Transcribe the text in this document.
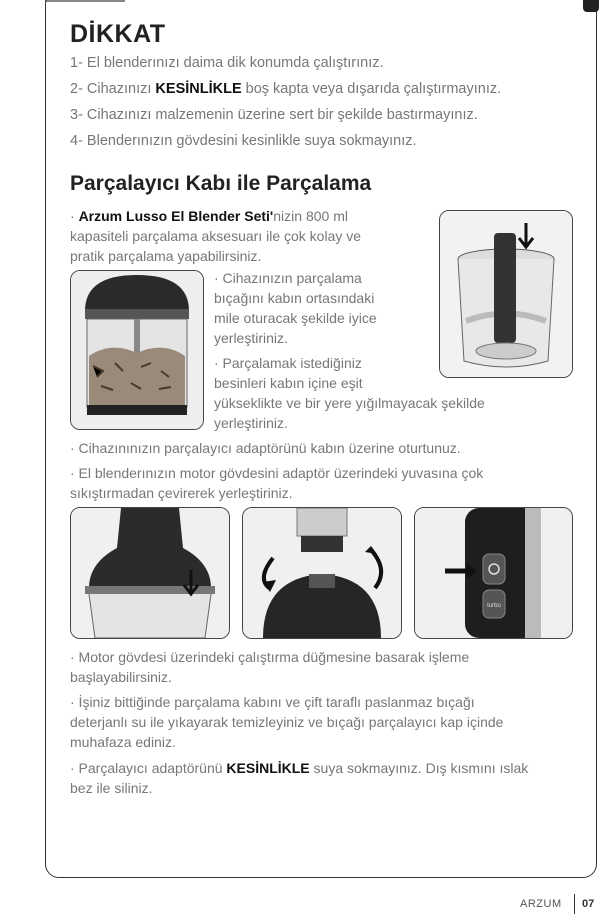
DİKKAT

1- El blenderınızı daima dik konumda çalıştırınız.

2- Cihazınızı KESİNLİKLE boş kapta veya dışarıda çalıştırmayınız.

3- Cihazınızı malzemenin üzerine sert bir şekilde bastırmayınız.

4- Blenderınızın gövdesini kesinlikle suya sokmayınız.

Parçalayıcı Kabı ile Parçalama

· Arzum Lusso El Blender Seti'nizin 800 ml
kapasiteli parçalama aksesuarı ile çok kolay ve
pratik parçalama yapabilirsiniz.

· Cihazınızın parçalama
bıçağını kabın ortasındaki
mile oturacak şekilde iyice
yerleştiriniz.

· Parçalamak istediğiniz
besinleri kabın içine eşit
yükseklikte ve bir yere yığılmayacak şekilde
yerleştiriniz.

· Cihazınınızın parçalayıcı adaptörünü kabın üzerine oturtunuz.

· El blenderınızın motor gövdesini adaptör üzerindeki yuvasına çok
sıkıştırmadan çevirerek yerleştiriniz.

turbo

· Motor gövdesi üzerindeki çalıştırma düğmesine basarak işleme
başlayabilirsiniz.

· İşiniz bittiğinde parçalama kabını ve çift taraflı paslanmaz bıçağı
deterjanlı su ile yıkayarak temizleyiniz ve bıçağı parçalayıcı kap içinde
muhafaza ediniz.

· Parçalayıcı adaptörünü KESİNLİKLE suya sokmayınız. Dış kısmını ıslak
bez ile siliniz.

ARZUM 07
